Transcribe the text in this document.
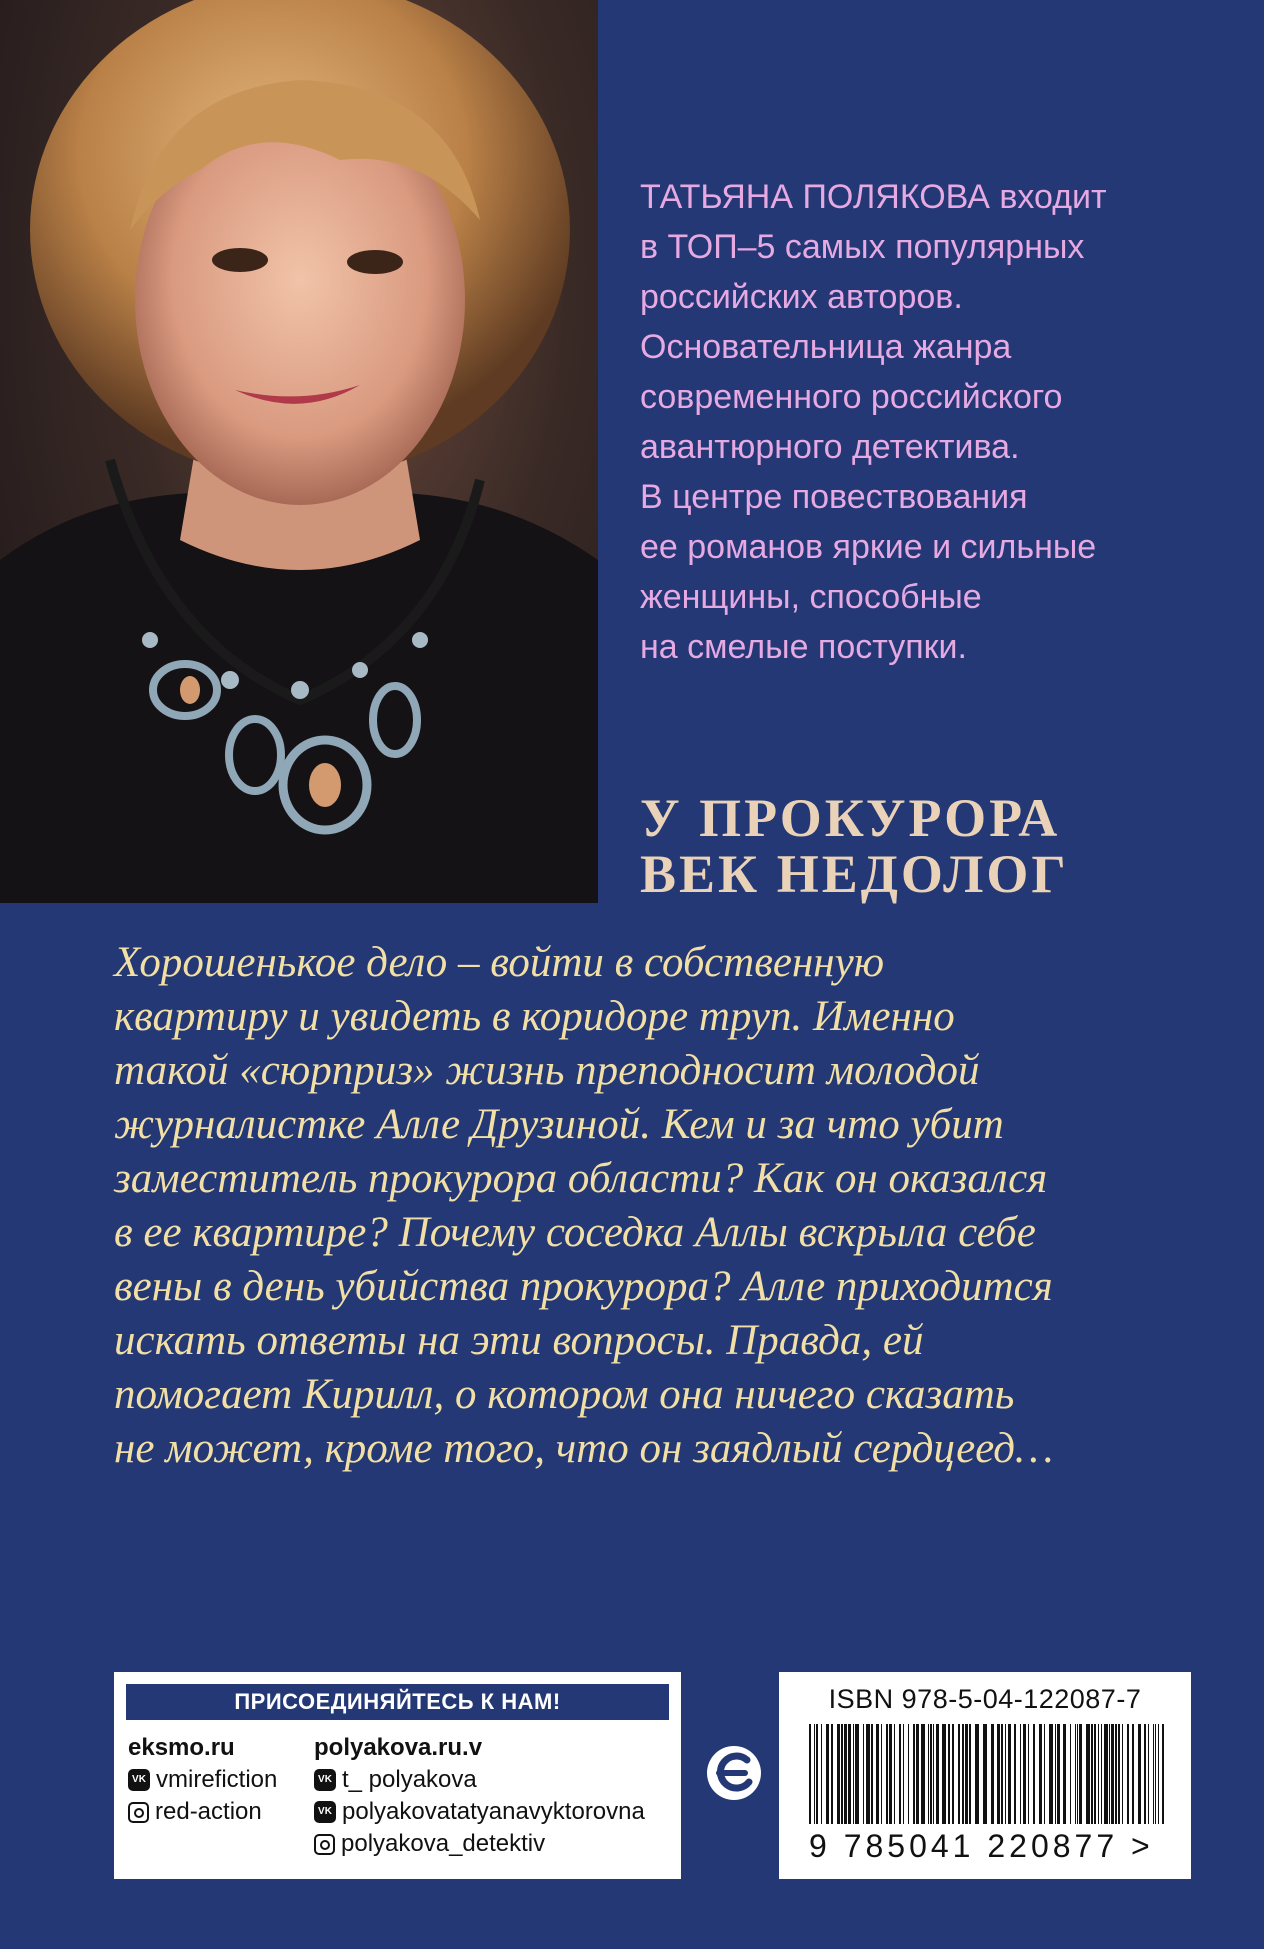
ТАТЬЯНА ПОЛЯКОВА входит
в ТОП–5 самых популярных
российских авторов.
Основательница жанра
современного российского
авантюрного детектива.
В центре повествования
ее романов яркие и сильные
женщины, способные
на смелые поступки.

У ПРОКУРОРА
ВЕК НЕДОЛОГ

Хорошенькое дело – войти в собственную
квартиру и увидеть в коридоре труп. Именно
такой «сюрприз» жизнь преподносит молодой
журналистке Алле Друзиной. Кем и за что убит
заместитель прокурора области? Как он оказался
в ее квартире? Почему соседка Аллы вскрыла себе
вены в день убийства прокурора? Алле приходится
искать ответы на эти вопросы. Правда, ей
помогает Кирилл, о котором она ничего сказать
не может, кроме того, что он заядлый сердцеед…

ПРИСОЕДИНЯЙТЕСЬ К НАМ!
eksmo.ru
VKvmirefiction
red-action
polyakova.ru.v
VKt_ polyakova
VKpolyakovatatyanavyktorovna
polyakova_detektiv
ISBN 978-5-04-122087-7
9 785041 220877 >
